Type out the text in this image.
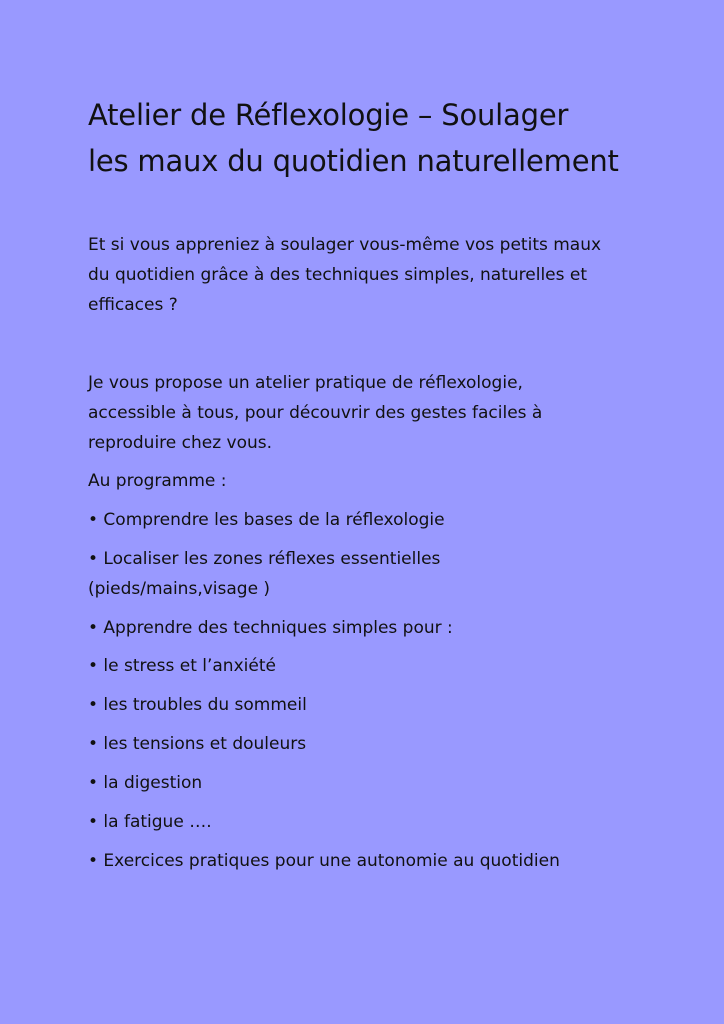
Atelier de Réflexologie – Soulager
les maux du quotidien naturellement

Et si vous appreniez à soulager vous-même vos petits maux
du quotidien grâce à des techniques simples, naturelles et
efficaces ?

Je vous propose un atelier pratique de réflexologie,
accessible à tous, pour découvrir des gestes faciles à
reproduire chez vous.

Au programme :

• Comprendre les bases de la réflexologie

• Localiser les zones réflexes essentielles

(pieds/mains,visage )

• Apprendre des techniques simples pour :

• le stress et l’anxiété

• les troubles du sommeil

• les tensions et douleurs

• la digestion

• la fatigue ….

• Exercices pratiques pour une autonomie au quotidien
